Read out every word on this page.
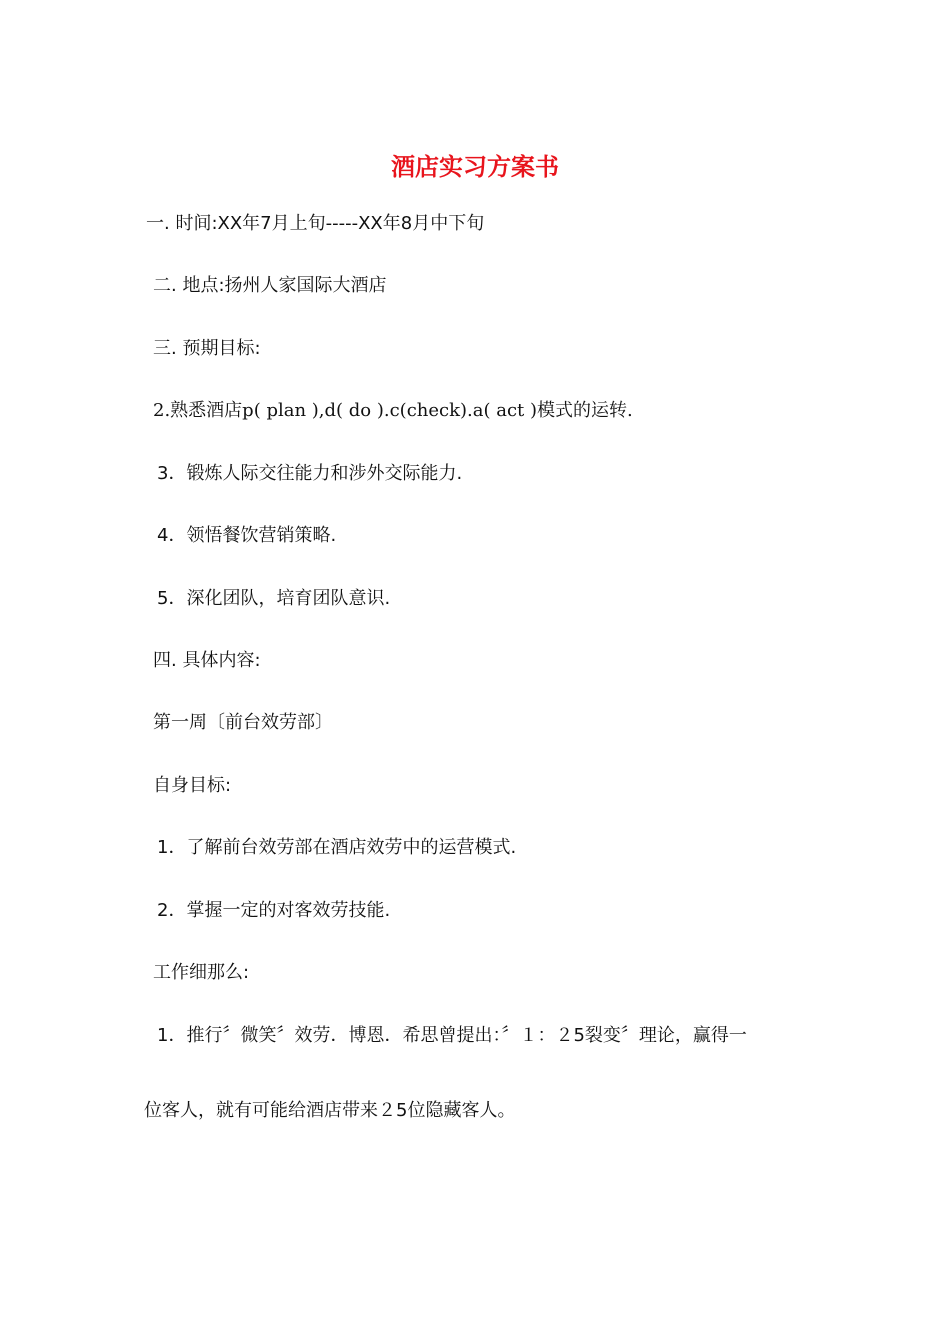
酒店实习方案书
一. 时间:XX年7月上旬-----XX年8月中下旬
二. 地点:扬州人家国际大酒店
三. 预期目标:
2.熟悉酒店p( plan ),d( do ).c(check).a( act )模式的运转.
3．锻炼人际交往能力和涉外交际能力.
4．领悟餐饮营销策略.
5．深化团队，培育团队意识.
四. 具体内容:
第一周〔前台效劳部〕
自身目标:
1．了解前台效劳部在酒店效劳中的运营模式.
2．掌握一定的对客效劳技能.
工作细那么:
1．推行〞微笑〞效劳．博恩．希思曾提出：〞１：２5裂变〞理论，赢得一
位客人，就有可能给酒店带来２5位隐藏客人。
